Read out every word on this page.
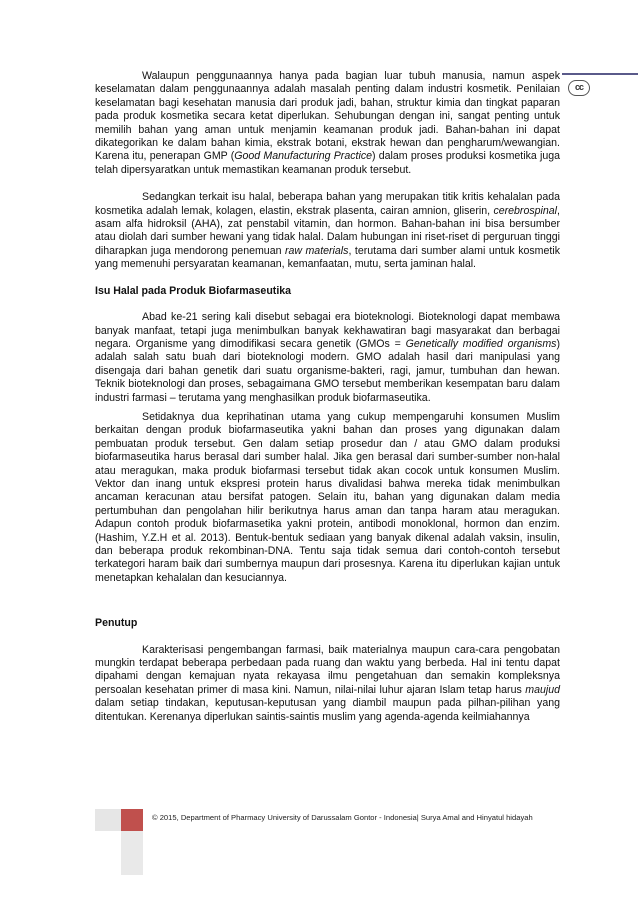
cc

Walaupun penggunaannya hanya pada bagian luar tubuh manusia, namun aspek keselamatan dalam penggunaannya adalah masalah penting dalam industri kosmetik. Penilaian keselamatan bagi kesehatan manusia dari produk jadi, bahan, struktur kimia dan tingkat paparan pada produk kosmetika secara ketat diperlukan. Sehubungan dengan ini, sangat penting untuk memilih bahan yang aman untuk menjamin keamanan produk jadi. Bahan-bahan ini dapat dikategorikan ke dalam bahan kimia, ekstrak botani, ekstrak hewan dan pengharum/wewangian. Karena itu, penerapan GMP (Good Manufacturing Practice) dalam proses produksi kosmetika juga telah dipersyaratkan untuk memastikan keamanan produk tersebut.

Sedangkan terkait isu halal, beberapa bahan yang merupakan titik kritis kehalalan pada kosmetika adalah lemak, kolagen, elastin, ekstrak plasenta, cairan amnion, gliserin, cerebrospinal, asam alfa hidroksil (AHA), zat penstabil vitamin, dan hormon. Bahan-bahan ini bisa bersumber atau diolah dari sumber hewani yang tidak halal. Dalam hubungan ini riset-riset di perguruan tinggi diharapkan juga mendorong penemuan raw materials, terutama dari sumber alami untuk kosmetik yang memenuhi persyaratan keamanan, kemanfaatan, mutu, serta jaminan halal.

Isu Halal pada Produk Biofarmaseutika

Abad ke-21 sering kali disebut sebagai era bioteknologi. Bioteknologi dapat membawa banyak manfaat, tetapi juga menimbulkan banyak kekhawatiran bagi masyarakat dan berbagai negara. Organisme yang dimodifikasi secara genetik (GMOs = Genetically modified organisms) adalah salah satu buah dari bioteknologi modern. GMO adalah hasil dari manipulasi yang disengaja dari bahan genetik dari suatu organisme-bakteri, ragi, jamur, tumbuhan dan hewan. Teknik bioteknologi dan proses, sebagaimana GMO tersebut memberikan kesempatan baru dalam industri farmasi – terutama yang menghasilkan produk biofarmaseutika.

Setidaknya dua keprihatinan utama yang cukup mempengaruhi konsumen Muslim berkaitan dengan produk biofarmaseutika yakni bahan dan proses yang digunakan dalam pembuatan produk tersebut. Gen dalam setiap prosedur dan / atau GMO dalam produksi biofarmaseutika harus berasal dari sumber halal. Jika gen berasal dari sumber-sumber non-halal atau meragukan, maka produk biofarmasi tersebut tidak akan cocok untuk konsumen Muslim. Vektor dan inang untuk ekspresi protein harus divalidasi bahwa mereka tidak menimbulkan ancaman keracunan atau bersifat patogen. Selain itu, bahan yang digunakan dalam media pertumbuhan dan pengolahan hilir berikutnya harus aman dan tanpa haram atau meragukan. Adapun contoh produk biofarmasetika yakni protein, antibodi monoklonal, hormon dan enzim. (Hashim, Y.Z.H et al. 2013). Bentuk-bentuk sediaan yang banyak dikenal adalah vaksin, insulin, dan beberapa produk rekombinan-DNA. Tentu saja tidak semua dari contoh-contoh tersebut terkategori haram baik dari sumbernya maupun dari prosesnya. Karena itu diperlukan kajian untuk menetapkan kehalalan dan kesuciannya.

Penutup

Karakterisasi pengembangan farmasi, baik materialnya maupun cara-cara pengobatan mungkin terdapat beberapa perbedaan pada ruang dan waktu yang berbeda. Hal ini tentu dapat dipahami dengan kemajuan nyata rekayasa ilmu pengetahuan dan semakin kompleksnya persoalan kesehatan primer di masa kini. Namun, nilai-nilai luhur ajaran Islam tetap harus maujud dalam setiap tindakan, keputusan-keputusan yang diambil maupun pada pilhan-pilihan yang ditentukan. Kerenanya diperlukan saintis-saintis muslim yang agenda-agenda keilmiahannya

© 2015, Department of Pharmacy University of Darussalam Gontor - Indonesia| Surya Amal and Hinyatul hidayah
